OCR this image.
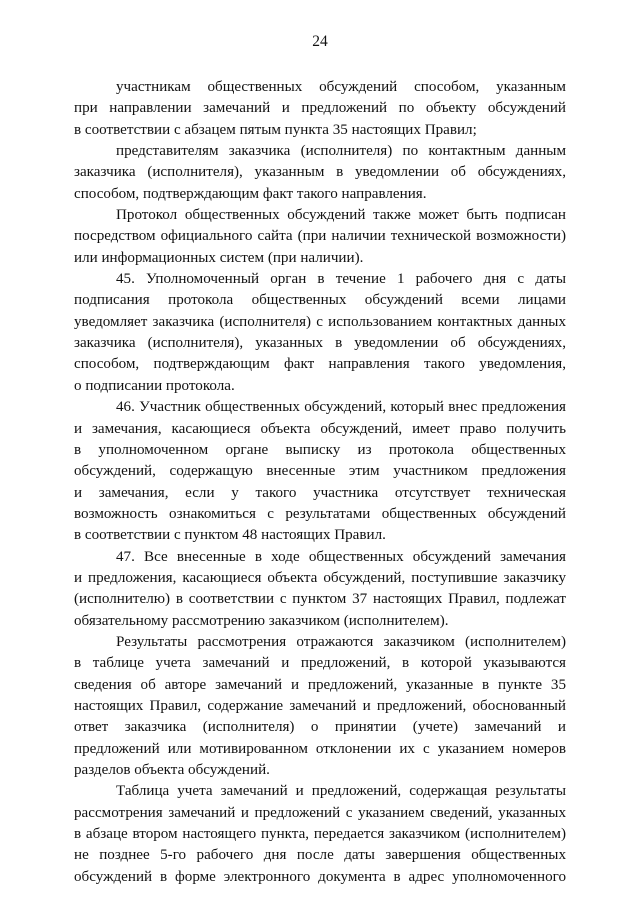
24
участникам общественных обсуждений способом, указанным
при направлении замечаний и предложений по объекту обсуждений
в соответствии с абзацем пятым пункта 35 настоящих Правил;
представителям заказчика (исполнителя) по контактным данным
заказчика (исполнителя), указанным в уведомлении об обсуждениях,
способом, подтверждающим факт такого направления.
Протокол общественных обсуждений также может быть подписан
посредством официального сайта (при наличии технической возможности)
или информационных систем (при наличии).
45. Уполномоченный орган в течение 1 рабочего дня с даты
подписания протокола общественных обсуждений всеми лицами
уведомляет заказчика (исполнителя) с использованием контактных данных
заказчика (исполнителя), указанных в уведомлении об обсуждениях,
способом, подтверждающим факт направления такого уведомления,
о подписании протокола.
46. Участник общественных обсуждений, который внес предложения
и замечания, касающиеся объекта обсуждений, имеет право получить
в уполномоченном органе выписку из протокола общественных
обсуждений, содержащую внесенные этим участником предложения
и замечания, если у такого участника отсутствует техническая
возможность ознакомиться с результатами общественных обсуждений
в соответствии с пунктом 48 настоящих Правил.
47. Все внесенные в ходе общественных обсуждений замечания
и предложения, касающиеся объекта обсуждений, поступившие заказчику
(исполнителю) в соответствии с пунктом 37 настоящих Правил, подлежат
обязательному рассмотрению заказчиком (исполнителем).
Результаты рассмотрения отражаются заказчиком (исполнителем)
в таблице учета замечаний и предложений, в которой указываются
сведения об авторе замечаний и предложений, указанные в пункте 35
настоящих Правил, содержание замечаний и предложений, обоснованный
ответ заказчика (исполнителя) о принятии (учете) замечаний и
предложений или мотивированном отклонении их с указанием номеров
разделов объекта обсуждений.
Таблица учета замечаний и предложений, содержащая результаты
рассмотрения замечаний и предложений с указанием сведений, указанных
в абзаце втором настоящего пункта, передается заказчиком (исполнителем)
не позднее 5-го рабочего дня после даты завершения общественных
обсуждений в форме электронного документа в адрес уполномоченного
